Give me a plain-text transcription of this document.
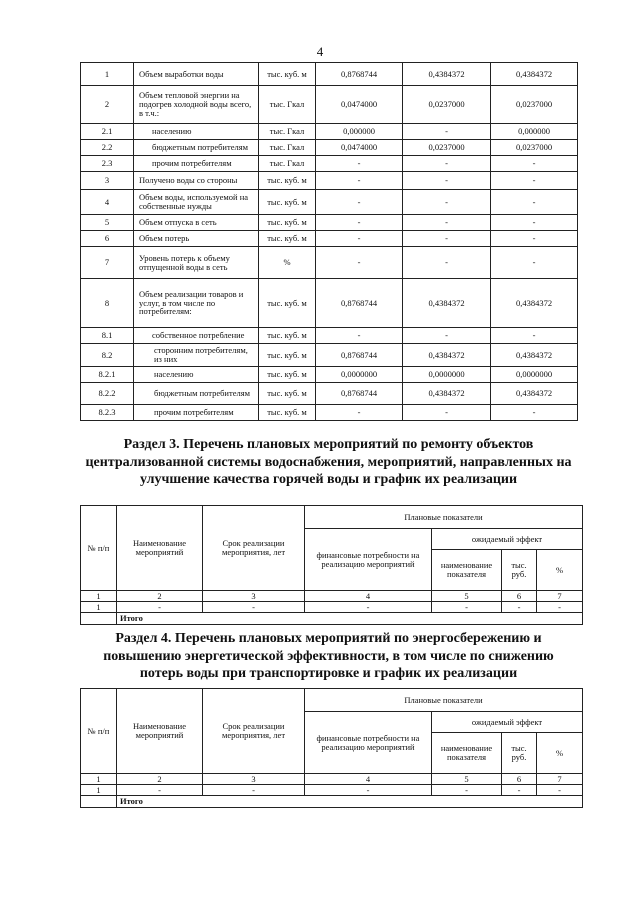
4
1	Объем выработки воды	тыс. куб. м	0,8768744	0,4384372	0,4384372
2	Объем тепловой энергии на подогрев холодной воды всего, в т.ч.:	тыс. Гкал	0,0474000	0,0237000	0,0237000
2.1	населению	тыс. Гкал	0,000000	-	0,000000
2.2	бюджетным потребителям	тыс. Гкал	0,0474000	0,0237000	0,0237000
2.3	прочим потребителям	тыс. Гкал	-	-	-
3	Получено воды со стороны	тыс. куб. м	-	-	-
4	Объем воды, используемой на собственные нужды	тыс. куб. м	-	-	-
5	Объем отпуска в сеть	тыс. куб. м	-	-	-
6	Объем потерь	тыс. куб. м	-	-	-
7	Уровень потерь к объему отпущенной воды в сеть	%	-	-	-
8	Объем реализации товаров и услуг, в том числе по потребителям:	тыс. куб. м	0,8768744	0,4384372	0,4384372
8.1	собственное потребление	тыс. куб. м	-	-	-
8.2	сторонним потребителям, из них	тыс. куб. м	0,8768744	0,4384372	0,4384372
8.2.1	населению	тыс. куб. м	0,0000000	0,0000000	0,0000000
8.2.2	бюджетным потребителям	тыс. куб. м	0,8768744	0,4384372	0,4384372
8.2.3	прочим потребителям	тыс. куб. м	-	-	-
Раздел 3. Перечень плановых мероприятий по ремонту объектов централизованной системы водоснабжения, мероприятий, направленных на улучшение качества горячей воды и график их реализации
№ п/п	Наименование мероприятий	Срок реализации мероприятия, лет	Плановые показатели			
			финансовые потребности на реализацию мероприятий	ожидаемый эффект		
				наименование показателя	тыс. руб.	%
1	2	3	4	5	6	7
1	-	-	-	-	-	-
	Итого					
Раздел 4. Перечень плановых мероприятий по энергосбережению и повышению энергетической эффективности, в том числе по снижению потерь воды при транспортировке и график их реализации
№ п/п	Наименование мероприятий	Срок реализации мероприятия, лет	Плановые показатели			
			финансовые потребности на реализацию мероприятий	ожидаемый эффект		
				наименование показателя	тыс. руб.	%
1	2	3	4	5	6	7
1	-	-	-	-	-	-
	Итого					
